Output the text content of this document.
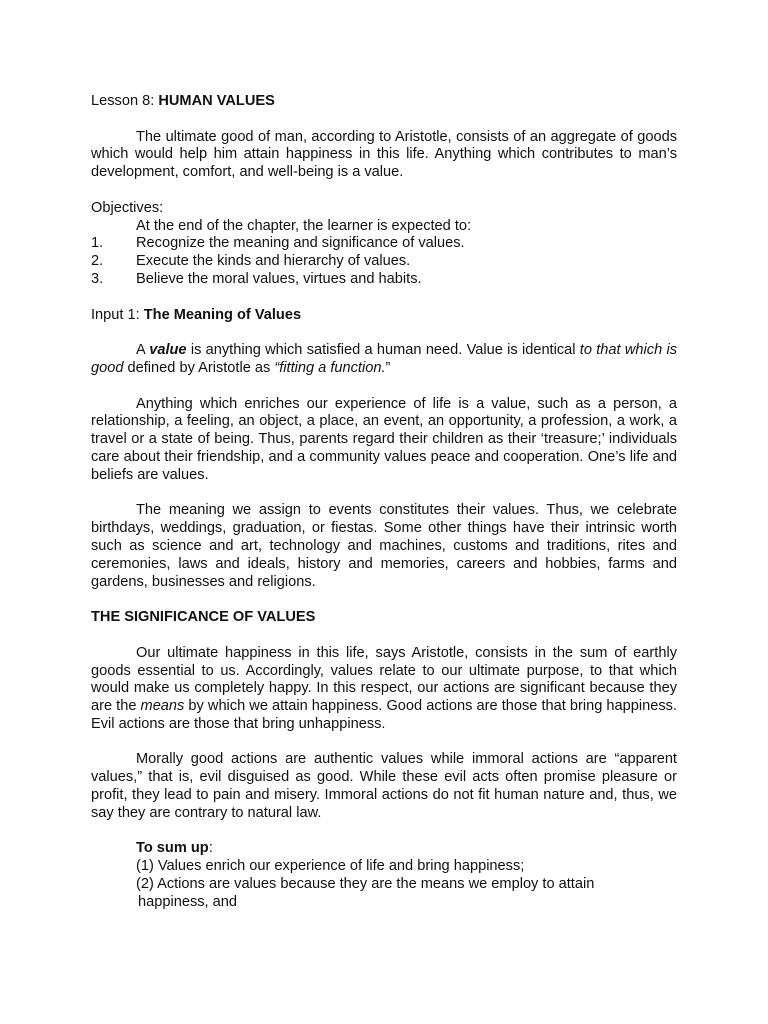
Lesson 8: HUMAN VALUES

The ultimate good of man, according to Aristotle, consists of an aggregate of goods which would help him attain happiness in this life. Anything which contributes to man’s development, comfort, and well-being is a value.

Objectives:

At the end of the chapter, the learner is expected to:

1. Recognize the meaning and significance of values.
2. Execute the kinds and hierarchy of values.
3. Believe the moral values, virtues and habits.

Input 1: The Meaning of Values

A value is anything which satisfied a human need. Value is identical to that which is good defined by Aristotle as “fitting a function.”

Anything which enriches our experience of life is a value, such as a person, a relationship, a feeling, an object, a place, an event, an opportunity, a profession, a work, a travel or a state of being. Thus, parents regard their children as their ‘treasure;’ individuals care about their friendship, and a community values peace and cooperation. One’s life and beliefs are values.

The meaning we assign to events constitutes their values. Thus, we celebrate birthdays, weddings, graduation, or fiestas. Some other things have their intrinsic worth such as science and art, technology and machines, customs and traditions, rites and ceremonies, laws and ideals, history and memories, careers and hobbies, farms and gardens, businesses and religions.

THE SIGNIFICANCE OF VALUES

Our ultimate happiness in this life, says Aristotle, consists in the sum of earthly goods essential to us. Accordingly, values relate to our ultimate purpose, to that which would make us completely happy. In this respect, our actions are significant because they are the means by which we attain happiness. Good actions are those that bring happiness. Evil actions are those that bring unhappiness.

Morally good actions are authentic values while immoral actions are “apparent values,” that is, evil disguised as good. While these evil acts often promise pleasure or profit, they lead to pain and misery. Immoral actions do not fit human nature and, thus, we say they are contrary to natural law.

To sum up:

(1) Values enrich our experience of life and bring happiness;

(2) Actions are values because they are the means we employ to attain

happiness, and
